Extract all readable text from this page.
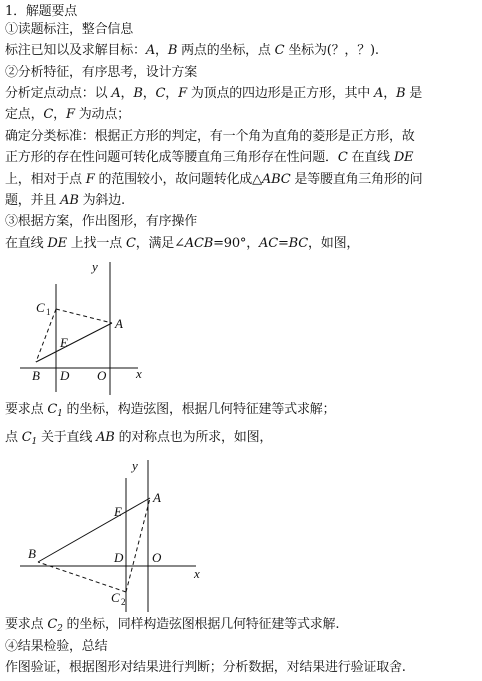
1．解题要点
①读题标注，整合信息
标注已知以及求解目标：A，B 两点的坐标，点 C 坐标为(？，？).
②分析特征，有序思考，设计方案
分析定点动点：以 A，B，C，F 为顶点的四边形是正方形，其中 A，B 是
定点，C，F 为动点；
确定分类标准：根据正方形的判定，有一个角为直角的菱形是正方形，故
正方形的存在性问题可转化成等腰直角三角形存在性问题．C 在直线 DE
上，相对于点 F 的范围较小，故问题转化成△ABC 是等腰直角三角形的问
题，并且 AB 为斜边.
③根据方案，作出图形，有序操作
在直线 DE 上找一点 C，满足∠ACB=90°，AC=BC，如图，
要求点 $C_1$ 的坐标，构造弦图，根据几何特征建等式求解；
点 $C_1$ 关于直线 AB 的对称点也为所求，如图，
要求点 $C_2$ 的坐标，同样构造弦图根据几何特征建等式求解.
④结果检验，总结
作图验证，根据图形对结果进行判断；分析数据，对结果进行验证取舍.
y
x
A
E
B D O
C 1
y
x
A
E
B	D O
C 2
